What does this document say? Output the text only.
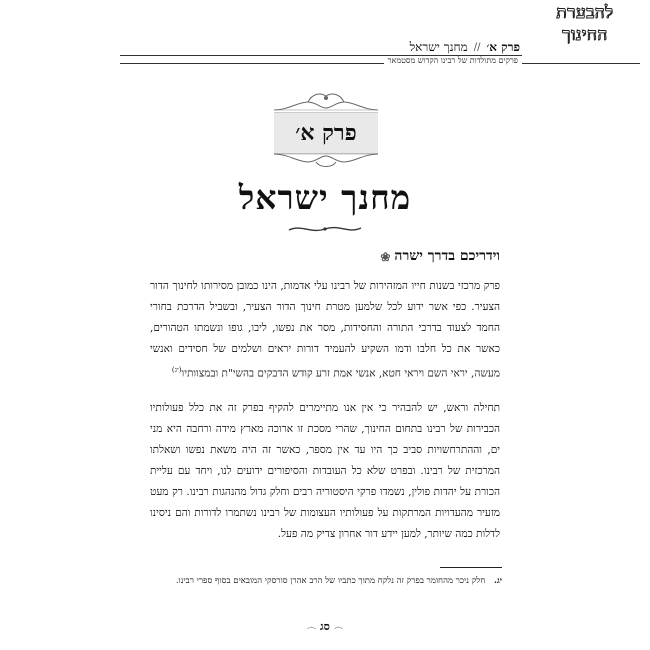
להבערת
החינוך
פרק א׳
//
מחנך ישראל
פרקים מתולדות של רבינו הקדוש מסטמאר
פרק א׳
מחנך ישראל
וידריכם בדרך ישרה
❀

פרק מרכזי בשנות חייו המזהירות של רבינו עלי אדמות, הינו כמובן מסירותו לחינוך הדור הצעיר. כפי אשר ידוע לכל שלמען מטרת חינוך הדור הצעיר, ובשביל הדרכת בחורי החמד לצעוד בדרכי התורה והחסידות, מסר את נפשו, ליבו, גופו ונשמתו הטהורים, כאשר את כל חלבו ודמו השקיע להעמיד דורות יראים ושלמים של חסידים ואנשי מעשה, יראי השם ויראי חטא, אנשי אמת זרע קודש הדבקים בהשי"ת ובמצוותיו$^{(יג)}$

תחילה וראש, יש להבהיר כי אין אנו מתיימרים להקיף בפרק זה את כלל פעולותיו הכבירות של רבינו בתחום החינוך, שהרי מסכת זו ארוכה מארץ מידה ורחבה היא מני ים, וההתרחשויות סביב כך היו עד אין מספר, כאשר זה היה משאת נפשו ושאלתו המרכזית של רבינו. ובפרט שלא כל העובדות והסיפורים ידועים לנו, ויחד עם עליית הכורת על יהדות פולין, נשמדו פרקי היסטוריה רבים וחלק גדול מהנהגות רבינו. רק מעט מזעיר מהעדויות המרתקות על פעולותיו העצומות של רבינו נשתמרו לדורות והם ניסינו לדלות כמה שיותר, למען יידע דור אחרון צדיק מה פעל.

יג. חלק ניכר מהחומר בפרק זה נלקח מתוך כתביו של הרב אהרן סורסקי המובאים בסוף ספרי רבינו.
෴ סג ෴
